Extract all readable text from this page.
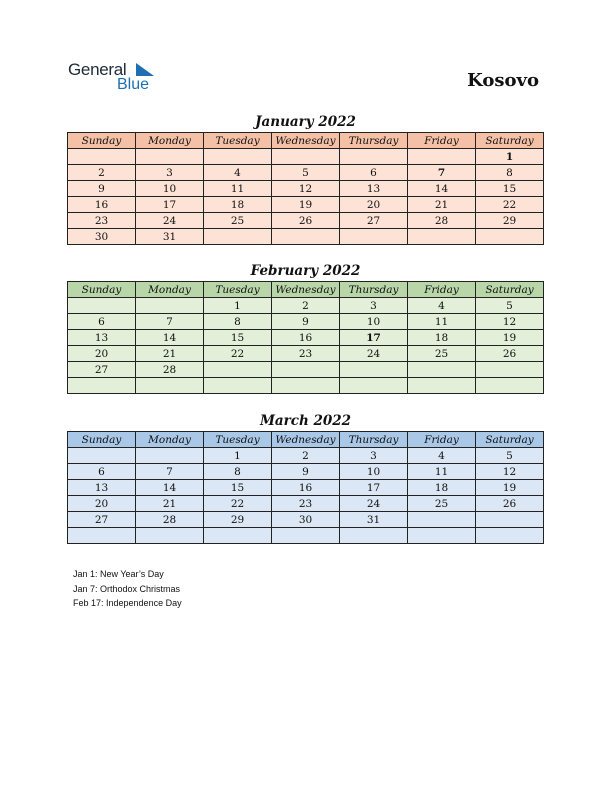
General
Blue	Kosovo
January 2022
Sunday	Monday	Tuesday	Wednesday	Thursday	Friday	Saturday
						1
2	3	4	5	6	7	8
9	10	11	12	13	14	15
16	17	18	19	20	21	22
23	24	25	26	27	28	29
30	31					
February 2022
Sunday	Monday	Tuesday	Wednesday	Thursday	Friday	Saturday
		1	2	3	4	5
6	7	8	9	10	11	12
13	14	15	16	17	18	19
20	21	22	23	24	25	26
27	28					

March 2022
Sunday	Monday	Tuesday	Wednesday	Thursday	Friday	Saturday
		1	2	3	4	5
6	7	8	9	10	11	12
13	14	15	16	17	18	19
20	21	22	23	24	25	26
27	28	29	30	31		

Jan 1: New Year’s Day
Jan 7: Orthodox Christmas
Feb 17: Independence Day
